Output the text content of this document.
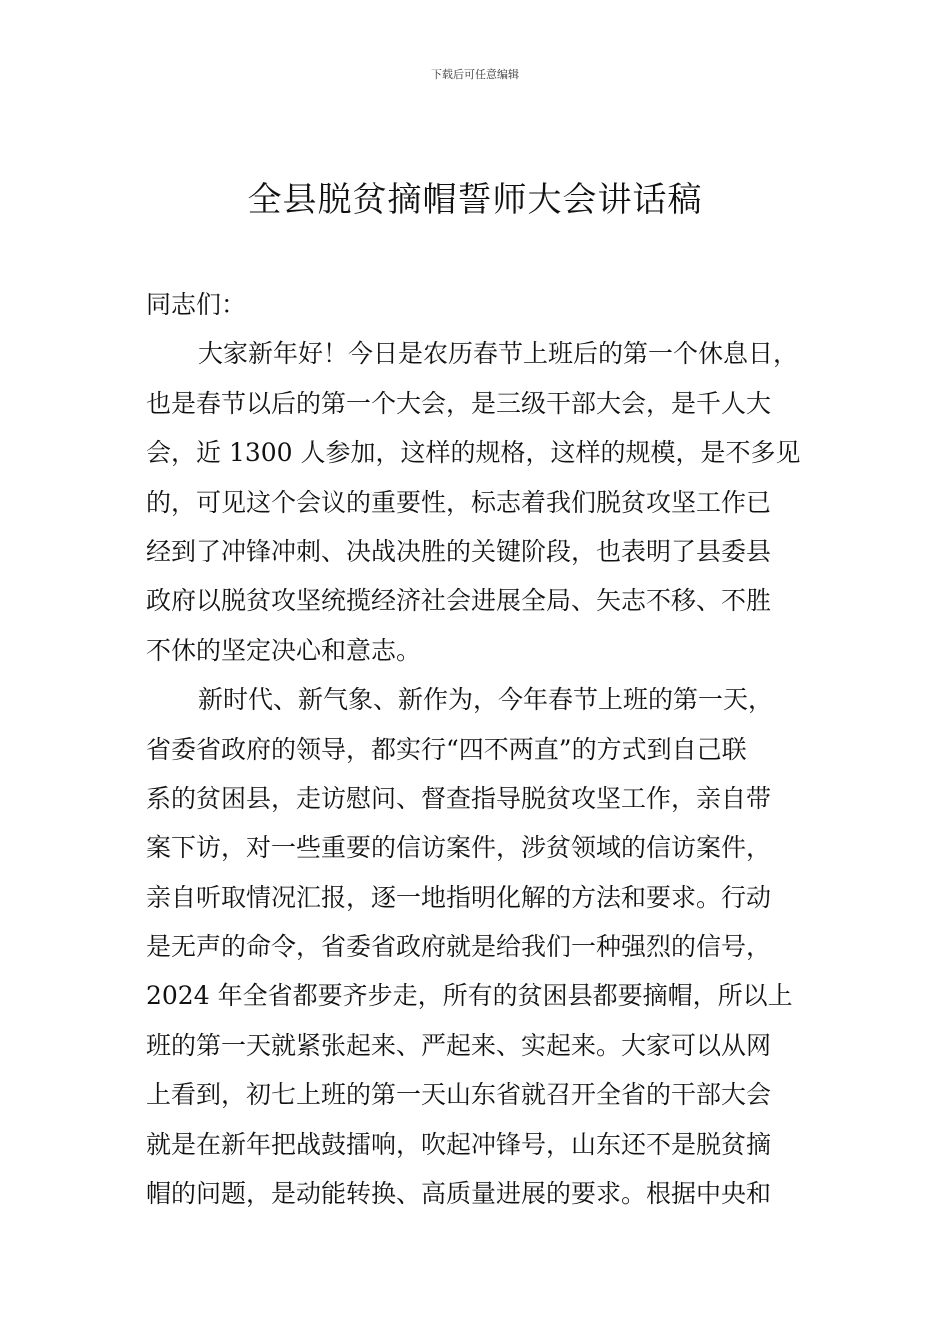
下载后可任意编辑
全县脱贫摘帽誓师大会讲话稿
同志们：
大家新年好！今日是农历春节上班后的第一个休息日，
也是春节以后的第一个大会，是三级干部大会，是千人大
会，近 1300 人参加，这样的规格，这样的规模，是不多见
的，可见这个会议的重要性，标志着我们脱贫攻坚工作已
经到了冲锋冲刺、决战决胜的关键阶段，也表明了县委县
政府以脱贫攻坚统揽经济社会进展全局、矢志不移、不胜
不休的坚定决心和意志。
新时代、新气象、新作为，今年春节上班的第一天，
省委省政府的领导，都实行“四不两直”的方式到自己联
系的贫困县，走访慰问、督查指导脱贫攻坚工作，亲自带
案下访，对一些重要的信访案件，涉贫领域的信访案件，
亲自听取情况汇报，逐一地指明化解的方法和要求。行动
是无声的命令，省委省政府就是给我们一种强烈的信号，
2024 年全省都要齐步走，所有的贫困县都要摘帽，所以上
班的第一天就紧张起来、严起来、实起来。大家可以从网
上看到，初七上班的第一天山东省就召开全省的干部大会
就是在新年把战鼓擂响，吹起冲锋号，山东还不是脱贫摘
帽的问题，是动能转换、高质量进展的要求。根据中央和
